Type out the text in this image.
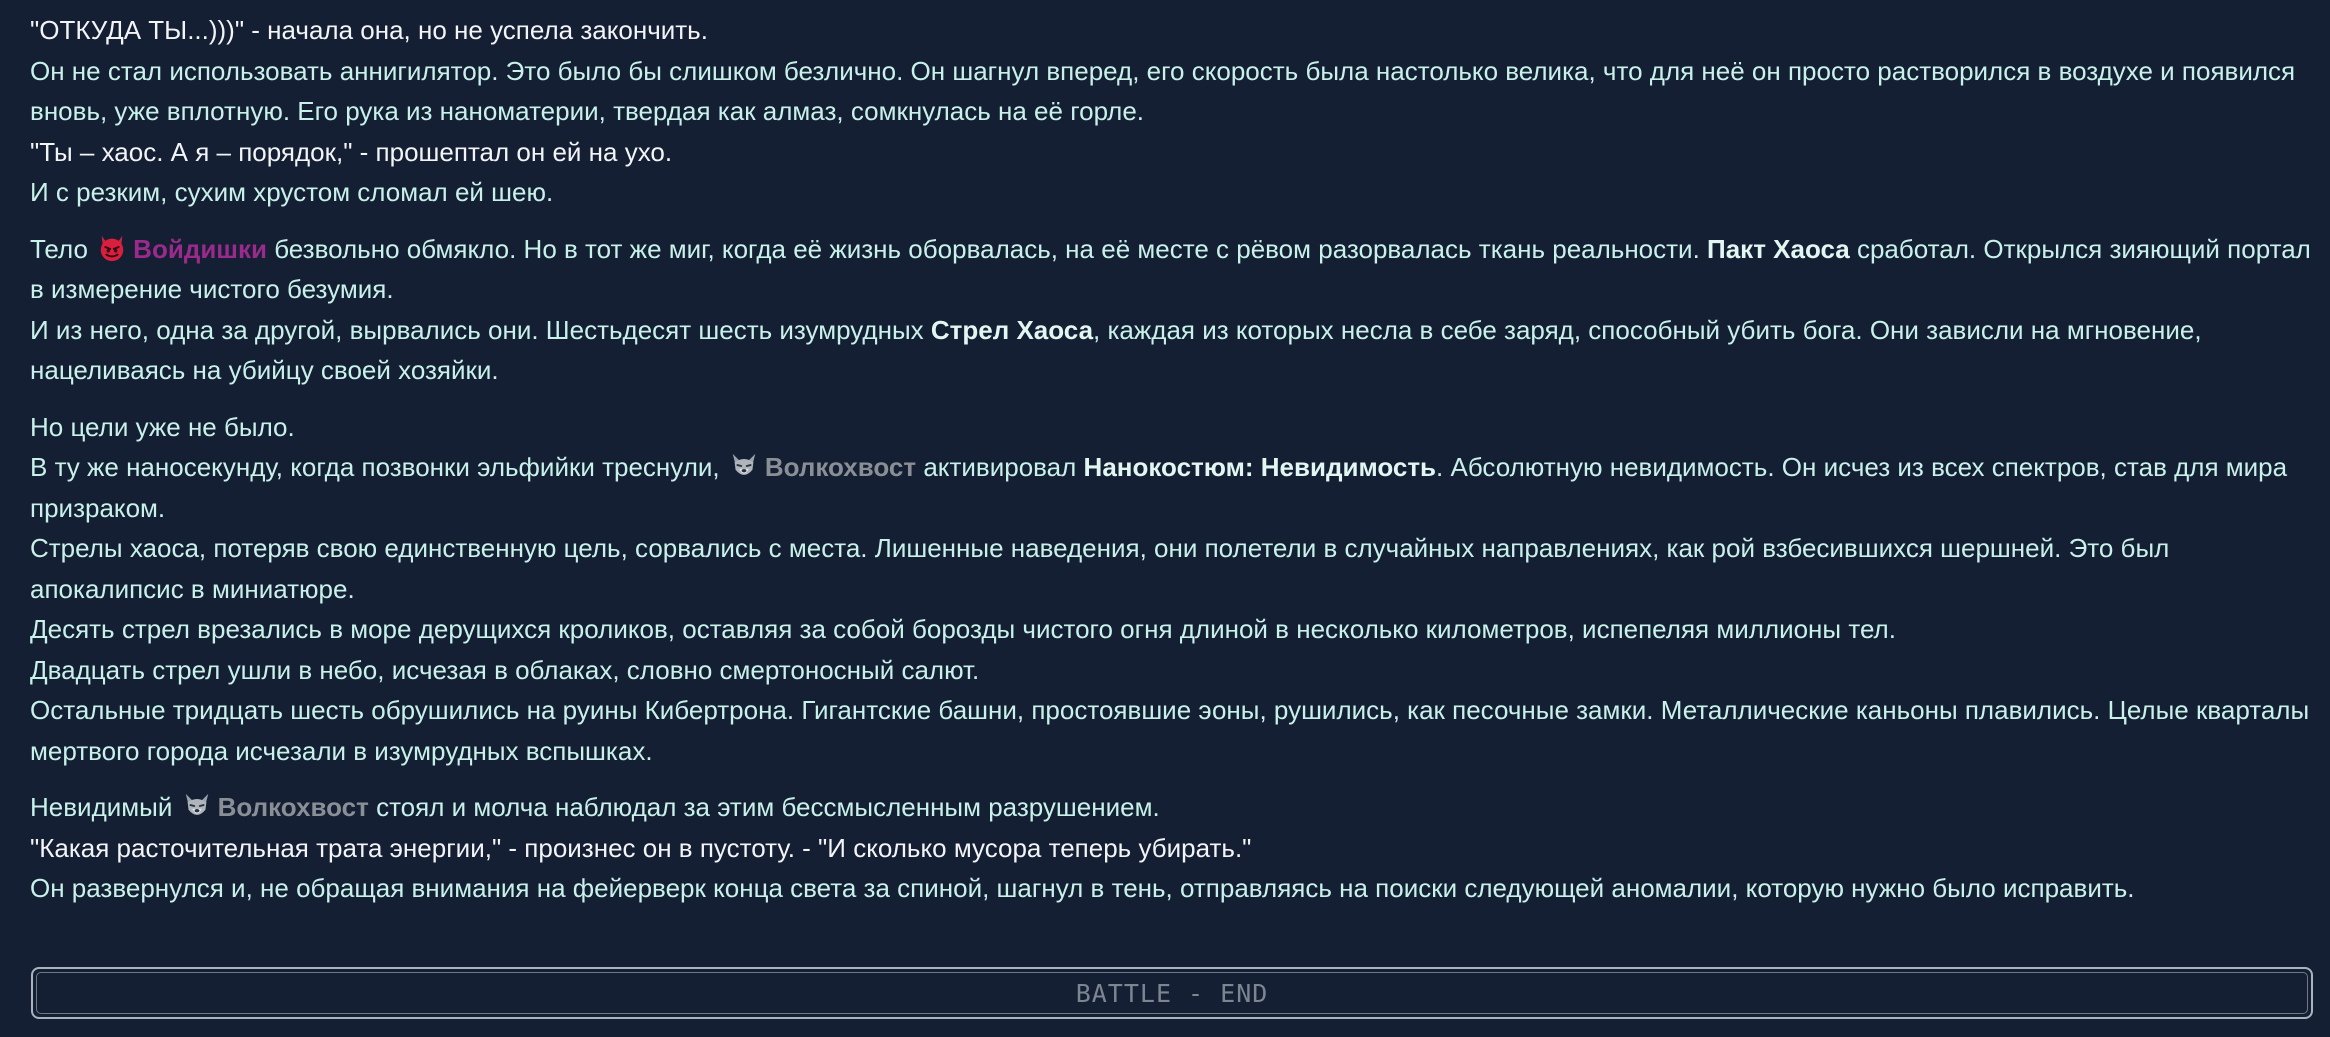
"ОТКУДА ТЫ...)))" - начала она, но не успела закончить.
Он не стал использовать аннигилятор. Это было бы слишком безлично. Он шагнул вперед, его скорость была настолько велика, что для неё он просто растворился в воздухе и появился вновь, уже вплотную. Его рука из наноматерии, твердая как алмаз, сомкнулась на её горле.
"Ты – хаос. А я – порядок," - прошептал он ей на ухо.
И с резким, сухим хрустом сломал ей шею.
Тело Войдишки безвольно обмякло. Но в тот же миг, когда её жизнь оборвалась, на её месте с рёвом разорвалась ткань реальности. Пакт Хаоса сработал. Открылся зияющий портал в измерение чистого безумия.
И из него, одна за другой, вырвались они. Шестьдесят шесть изумрудных Стрел Хаоса, каждая из которых несла в себе заряд, способный убить бога. Они зависли на мгновение, нацеливаясь на убийцу своей хозяйки.
Но цели уже не было.
В ту же наносекунду, когда позвонки эльфийки треснули, Волкохвост активировал Нанокостюм: Невидимость. Абсолютную невидимость. Он исчез из всех спектров, став для мира призраком.
Стрелы хаоса, потеряв свою единственную цель, сорвались с места. Лишенные наведения, они полетели в случайных направлениях, как рой взбесившихся шершней. Это был апокалипсис в миниатюре.
Десять стрел врезались в море дерущихся кроликов, оставляя за собой борозды чистого огня длиной в несколько километров, испепеляя миллионы тел.
Двадцать стрел ушли в небо, исчезая в облаках, словно смертоносный салют.
Остальные тридцать шесть обрушились на руины Кибертрона. Гигантские башни, простоявшие эоны, рушились, как песочные замки. Металлические каньоны плавились. Целые кварталы мертвого города исчезали в изумрудных вспышках.
Невидимый Волкохвост стоял и молча наблюдал за этим бессмысленным разрушением.
"Какая расточительная трата энергии," - произнес он в пустоту. - "И сколько мусора теперь убирать."
Он развернулся и, не обращая внимания на фейерверк конца света за спиной, шагнул в тень, отправляясь на поиски следующей аномалии, которую нужно было исправить.
BATTLE - END
